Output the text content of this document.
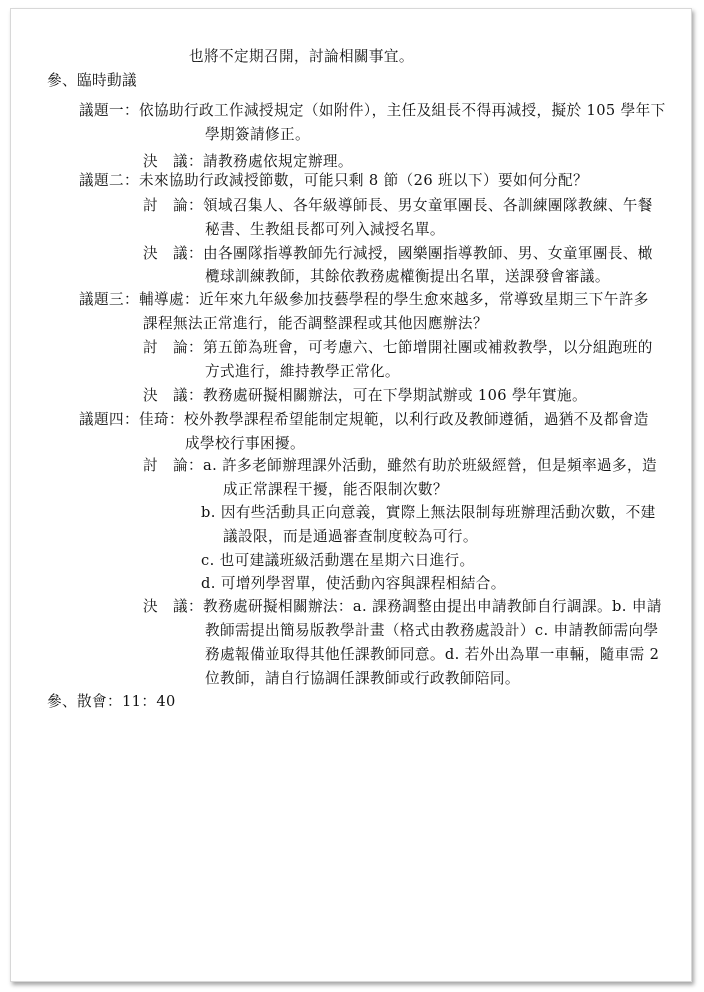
也將不定期召開，討論相關事宜。
參、臨時動議
議題一：依協助行政工作減授規定（如附件），主任及組長不得再減授，擬於 105 學年下
學期簽請修正。
決　議：請教務處依規定辦理。
議題二：未來協助行政減授節數，可能只剩 8 節（26 班以下）要如何分配？
討　論：領域召集人、各年級導師長、男女童軍團長、各訓練團隊教練、午餐
秘書、生教組長都可列入減授名單。
決　議：由各團隊指導教師先行減授，國樂團指導教師、男、女童軍團長、橄
欖球訓練教師，其餘依教務處權衡提出名單，送課發會審議。
議題三：輔導處：近年來九年級參加技藝學程的學生愈來越多，常導致星期三下午許多
課程無法正常進行，能否調整課程或其他因應辦法？
討　論：第五節為班會，可考慮六、七節增開社團或補救教學，以分組跑班的
方式進行，維持教學正常化。
決　議：教務處研擬相關辦法，可在下學期試辦或 106 學年實施。
議題四：佳琦：校外教學課程希望能制定規範，以利行政及教師遵循，過猶不及都會造
成學校行事困擾。
討　論：a. 許多老師辦理課外活動，雖然有助於班級經營，但是頻率過多，造
成正常課程干擾，能否限制次數？
b. 因有些活動具正向意義，實際上無法限制每班辦理活動次數，不建
議設限，而是通過審查制度較為可行。
c. 也可建議班級活動選在星期六日進行。
d. 可增列學習單，使活動內容與課程相結合。
決　議：教務處研擬相關辦法：a. 課務調整由提出申請教師自行調課。b. 申請
教師需提出簡易版教學計畫（格式由教務處設計）c. 申請教師需向學
務處報備並取得其他任課教師同意。d. 若外出為單一車輛，隨車需 2
位教師，請自行協調任課教師或行政教師陪同。
參、散會：11：40
